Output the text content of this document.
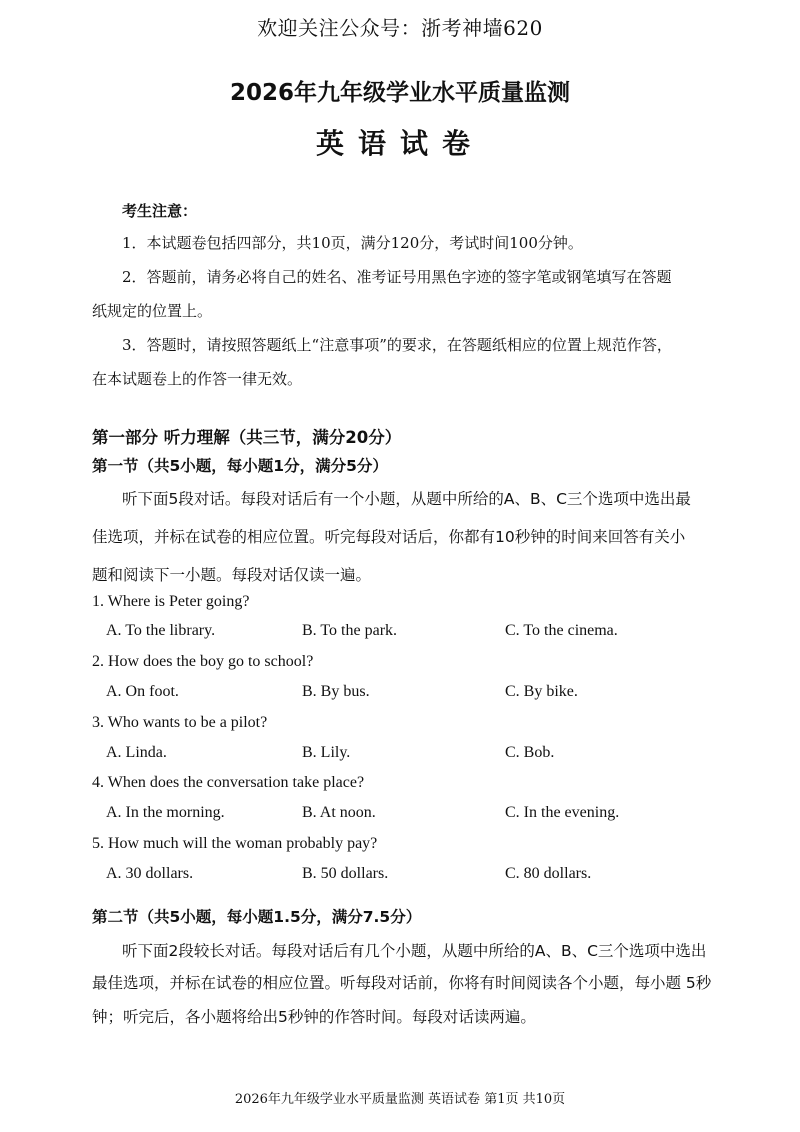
欢迎关注公众号：浙考神墙620
2026年九年级学业水平质量监测
英语试卷
考生注意：
1．本试题卷包括四部分，共10页，满分120分，考试时间100分钟。
2．答题前，请务必将自己的姓名、准考证号用黑色字迹的签字笔或钢笔填写在答题
纸规定的位置上。
3．答题时，请按照答题纸上“注意事项”的要求，在答题纸相应的位置上规范作答，
在本试题卷上的作答一律无效。
第一部分 听力理解（共三节，满分20分）
第一节（共5小题，每小题1分，满分5分）
听下面5段对话。每段对话后有一个小题，从题中所给的A、B、C三个选项中选出最
佳选项，并标在试卷的相应位置。听完每段对话后，你都有10秒钟的时间来回答有关小
题和阅读下一小题。每段对话仅读一遍。
1. Where is Peter going?
A. To the library.	B. To the park.	C. To the cinema.
2. How does the boy go to school?
A. On foot.	B. By bus.	C. By bike.
3. Who wants to be a pilot?
A. Linda.	B. Lily.	C. Bob.
4. When does the conversation take place?
A. In the morning.	B. At noon.	C. In the evening.
5. How much will the woman probably pay?
A. 30 dollars.	B. 50 dollars.	C. 80 dollars.
第二节（共5小题，每小题1.5分，满分7.5分）
听下面2段较长对话。每段对话后有几个小题，从题中所给的A、B、C三个选项中选出
最佳选项，并标在试卷的相应位置。听每段对话前，你将有时间阅读各个小题，每小题 5秒
钟；听完后，各小题将给出5秒钟的作答时间。每段对话读两遍。
2026年九年级学业水平质量监测 英语试卷 第1页 共10页
